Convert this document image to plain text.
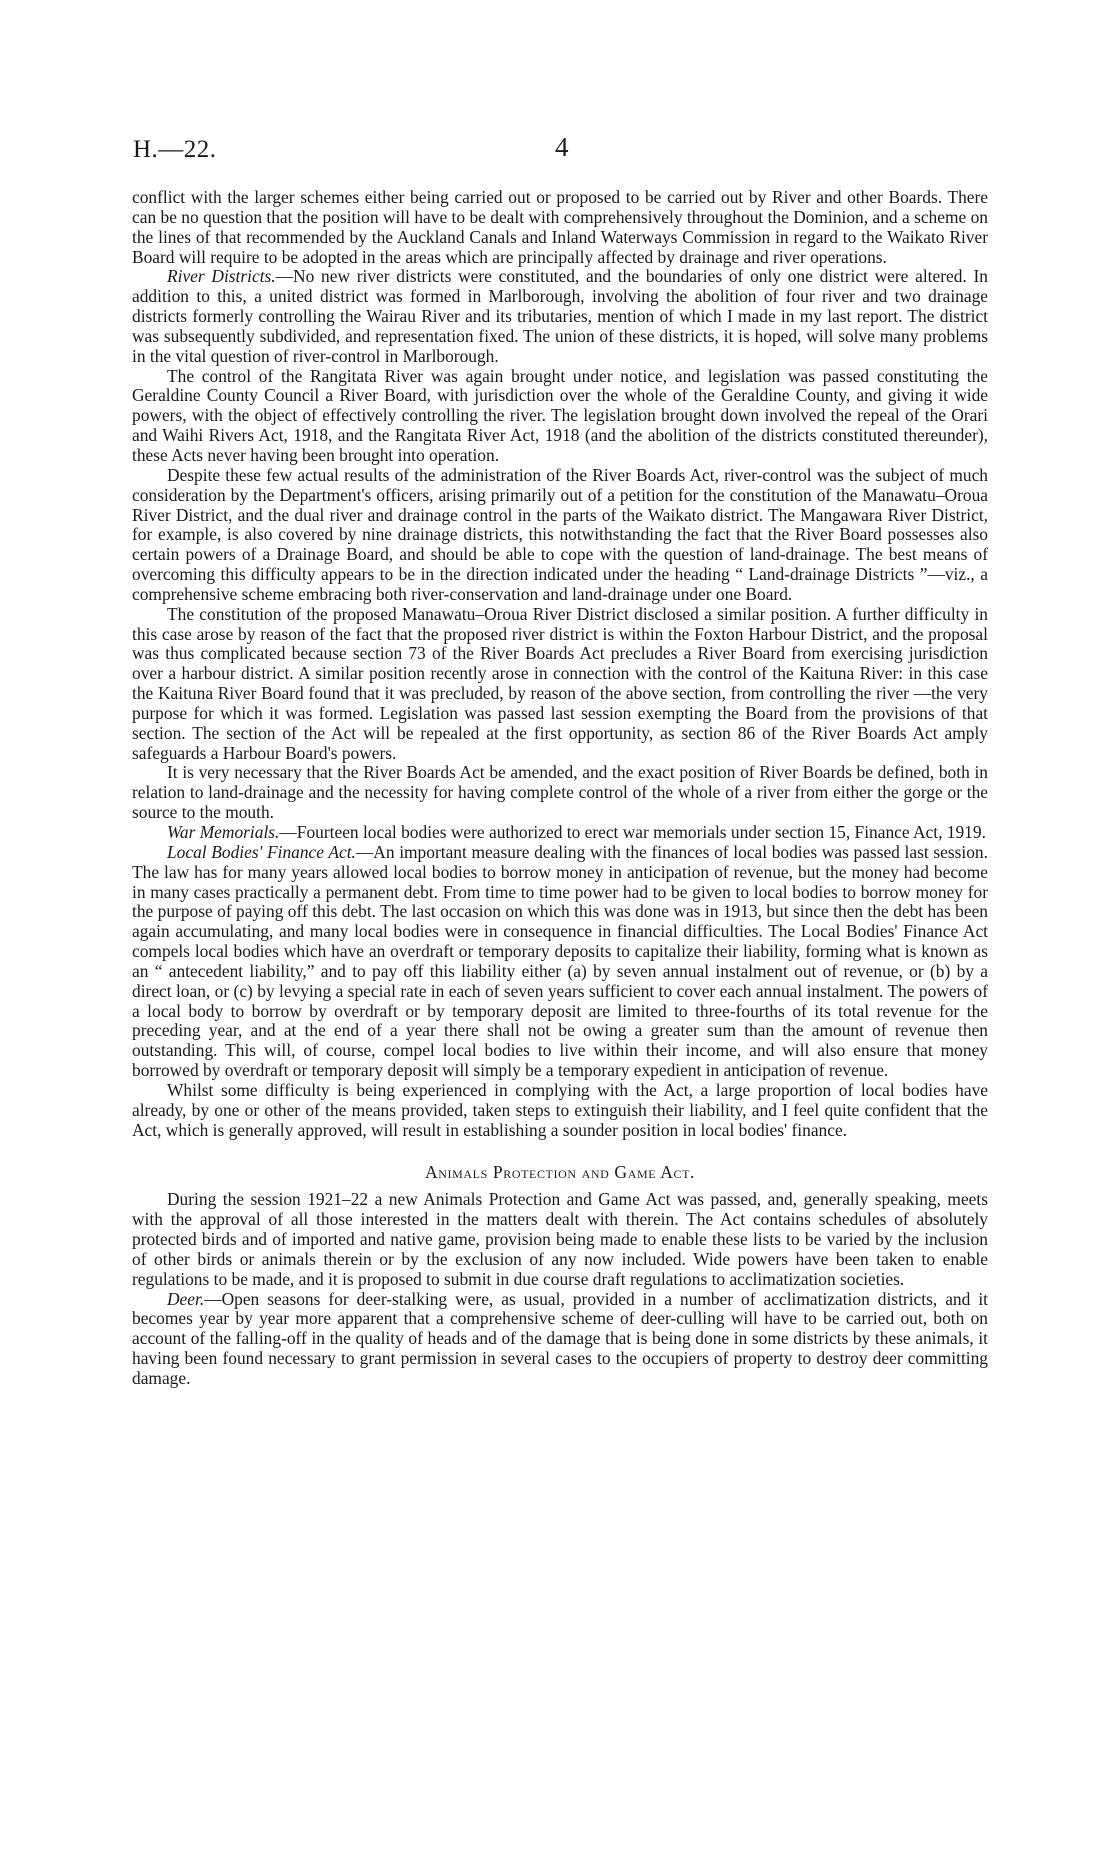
H.—22.	4

conflict with the larger schemes either being carried out or proposed to be carried out by River and other Boards. There can be no question that the position will have to be dealt with comprehensively throughout the Dominion, and a scheme on the lines of that recommended by the Auckland Canals and Inland Waterways Commission in regard to the Waikato River Board will require to be adopted in the areas which are principally affected by drainage and river operations.

River Districts.—No new river districts were constituted, and the boundaries of only one district were altered. In addition to this, a united district was formed in Marlborough, involving the abolition of four river and two drainage districts formerly controlling the Wairau River and its tributaries, mention of which I made in my last report. The district was subsequently subdivided, and representation fixed. The union of these districts, it is hoped, will solve many problems in the vital question of river-control in Marlborough.

The control of the Rangitata River was again brought under notice, and legislation was passed constituting the Geraldine County Council a River Board, with jurisdiction over the whole of the Geraldine County, and giving it wide powers, with the object of effectively controlling the river. The legislation brought down involved the repeal of the Orari and Waihi Rivers Act, 1918, and the Rangitata River Act, 1918 (and the abolition of the districts constituted thereunder), these Acts never having been brought into operation.

Despite these few actual results of the administration of the River Boards Act, river-control was the subject of much consideration by the Department's officers, arising primarily out of a petition for the constitution of the Manawatu–Oroua River District, and the dual river and drainage control in the parts of the Waikato district. The Mangawara River District, for example, is also covered by nine drainage districts, this notwithstanding the fact that the River Board possesses also certain powers of a Drainage Board, and should be able to cope with the question of land-drainage. The best means of overcoming this difficulty appears to be in the direction indicated under the heading “ Land-drainage Districts ”—viz., a comprehensive scheme embracing both river-conservation and land-drainage under one Board.

The constitution of the proposed Manawatu–Oroua River District disclosed a similar position. A further difficulty in this case arose by reason of the fact that the proposed river district is within the Foxton Harbour District, and the proposal was thus complicated because section 73 of the River Boards Act precludes a River Board from exercising jurisdiction over a harbour district. A similar position recently arose in connection with the control of the Kaituna River: in this case the Kaituna River Board found that it was precluded, by reason of the above section, from controlling the river —the very purpose for which it was formed. Legislation was passed last session exempting the Board from the provisions of that section. The section of the Act will be repealed at the first opportunity, as section 86 of the River Boards Act amply safeguards a Harbour Board's powers.

It is very necessary that the River Boards Act be amended, and the exact position of River Boards be defined, both in relation to land-drainage and the necessity for having complete control of the whole of a river from either the gorge or the source to the mouth.

War Memorials.—Fourteen local bodies were authorized to erect war memorials under section 15, Finance Act, 1919.

Local Bodies' Finance Act.—An important measure dealing with the finances of local bodies was passed last session. The law has for many years allowed local bodies to borrow money in anticipation of revenue, but the money had become in many cases practically a permanent debt. From time to time power had to be given to local bodies to borrow money for the purpose of paying off this debt. The last occasion on which this was done was in 1913, but since then the debt has been again accumulating, and many local bodies were in consequence in financial difficulties. The Local Bodies' Finance Act compels local bodies which have an overdraft or temporary deposits to capitalize their liability, forming what is known as an “ antecedent liability,” and to pay off this liability either (a) by seven annual instalment out of revenue, or (b) by a direct loan, or (c) by levying a special rate in each of seven years sufficient to cover each annual instalment. The powers of a local body to borrow by overdraft or by temporary deposit are limited to three-fourths of its total revenue for the preceding year, and at the end of a year there shall not be owing a greater sum than the amount of revenue then outstanding. This will, of course, compel local bodies to live within their income, and will also ensure that money borrowed by overdraft or temporary deposit will simply be a temporary expedient in anticipation of revenue.

Whilst some difficulty is being experienced in complying with the Act, a large proportion of local bodies have already, by one or other of the means provided, taken steps to extinguish their liability, and I feel quite confident that the Act, which is generally approved, will result in establishing a sounder position in local bodies' finance.

Animals Protection and Game Act.

During the session 1921–22 a new Animals Protection and Game Act was passed, and, generally speaking, meets with the approval of all those interested in the matters dealt with therein. The Act contains schedules of absolutely protected birds and of imported and native game, provision being made to enable these lists to be varied by the inclusion of other birds or animals therein or by the exclusion of any now included. Wide powers have been taken to enable regulations to be made, and it is proposed to submit in due course draft regulations to acclimatization societies.

Deer.—Open seasons for deer-stalking were, as usual, provided in a number of acclimatization districts, and it becomes year by year more apparent that a comprehensive scheme of deer-culling will have to be carried out, both on account of the falling-off in the quality of heads and of the damage that is being done in some districts by these animals, it having been found necessary to grant permission in several cases to the occupiers of property to destroy deer committing damage.
